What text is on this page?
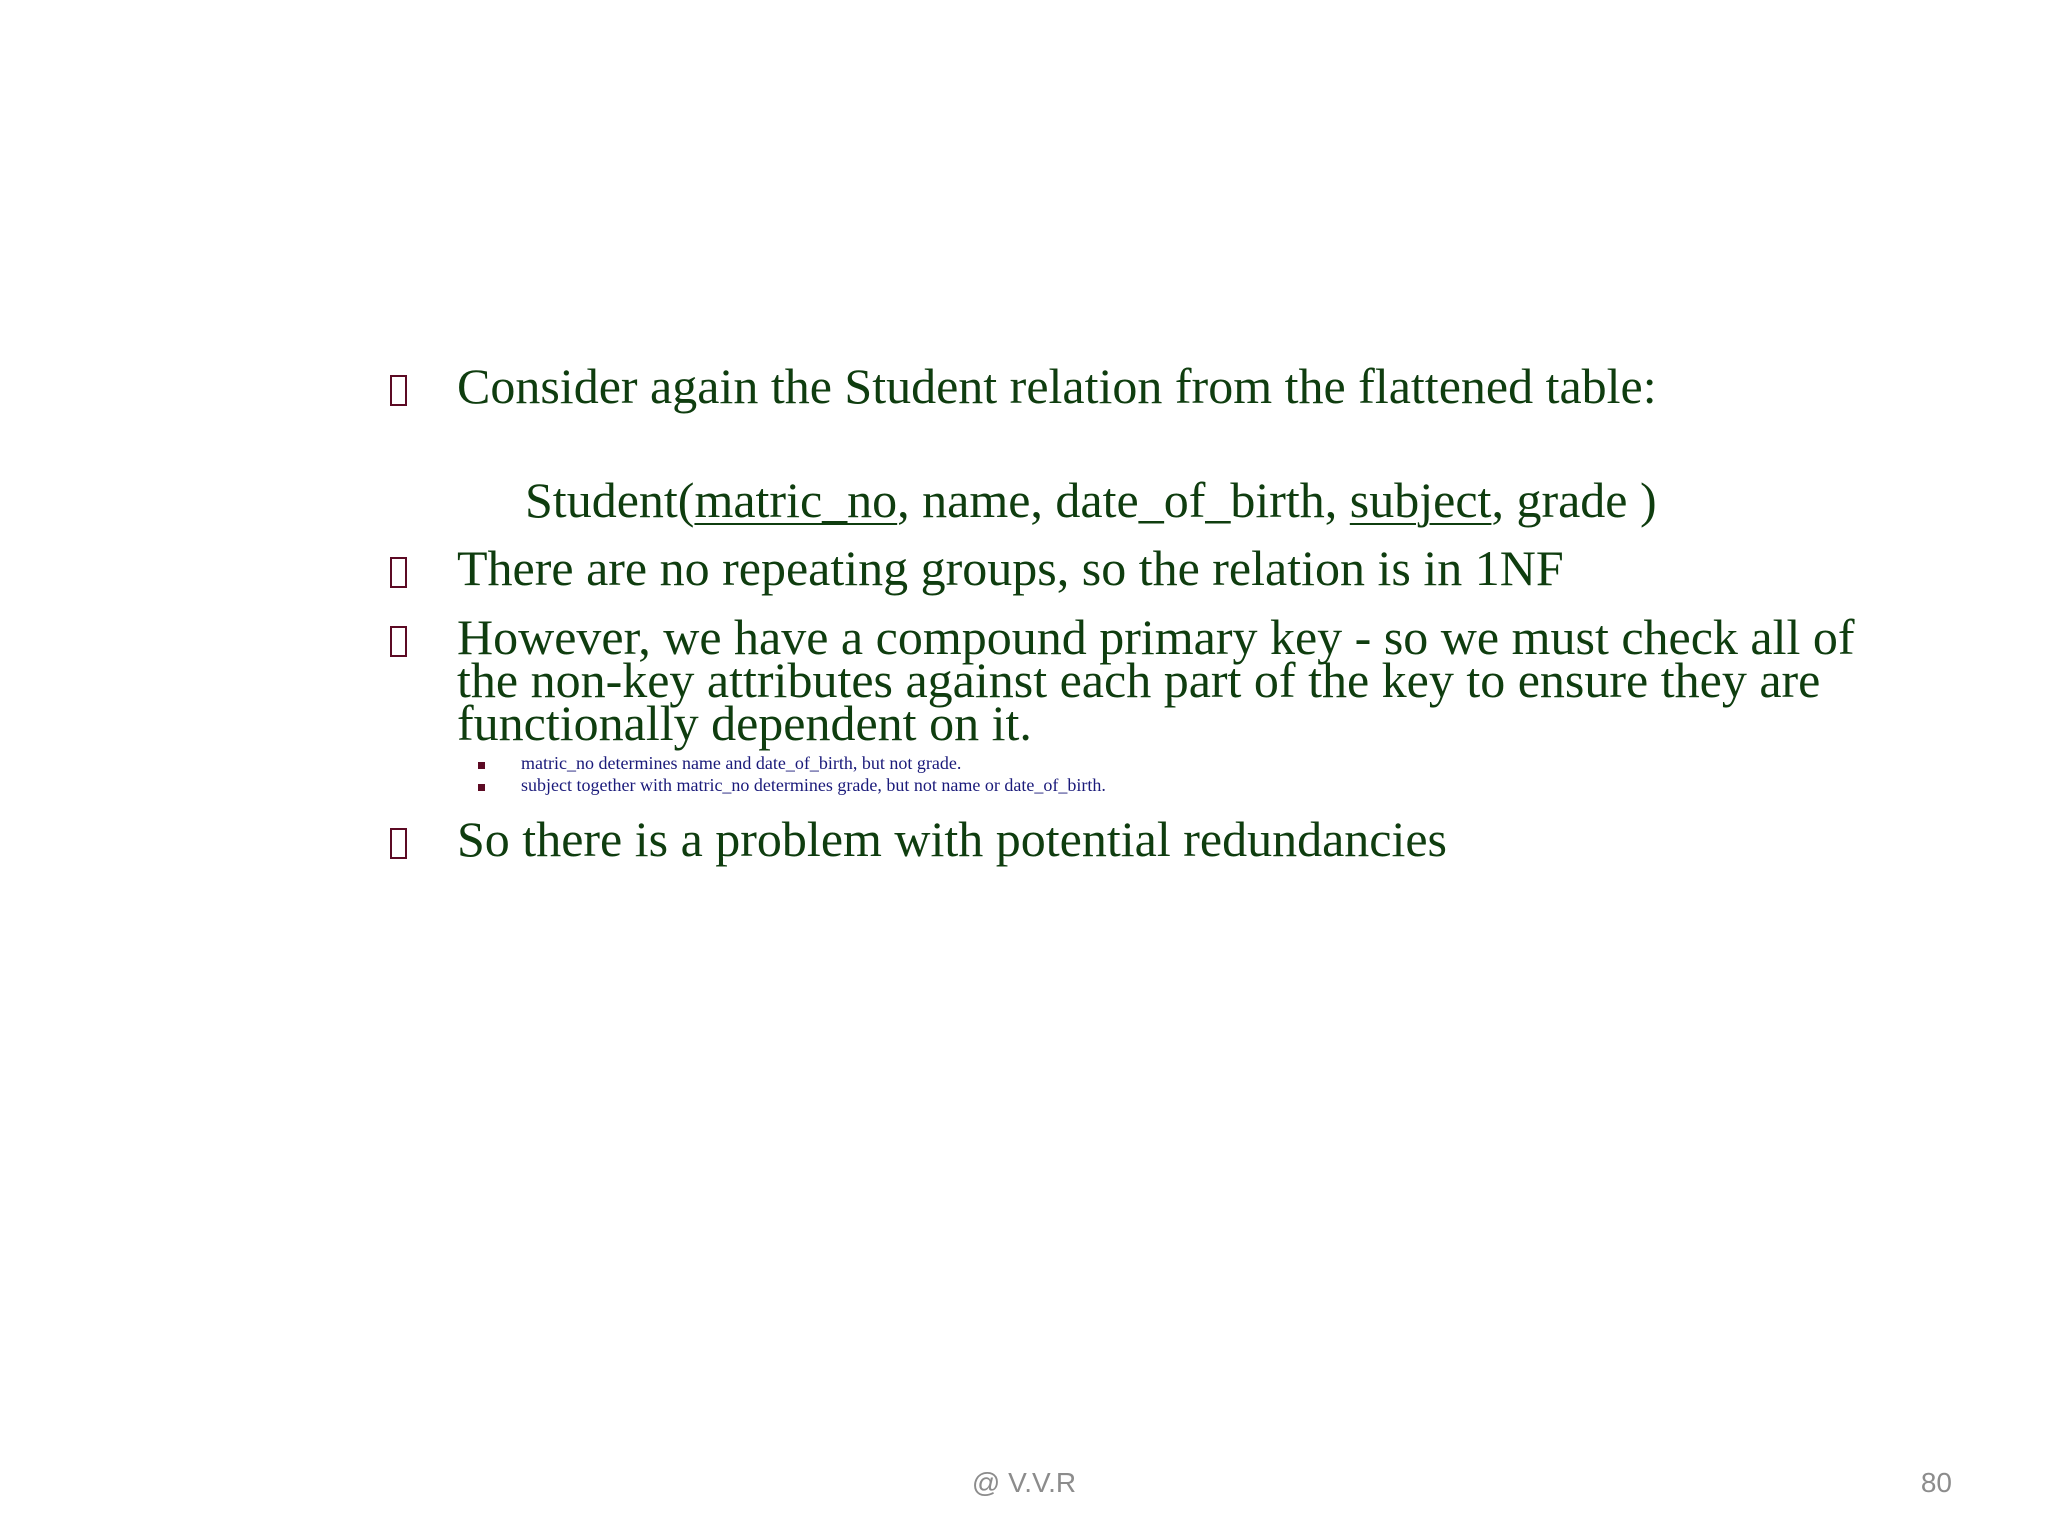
Consider again the Student relation from the flattened table:
Student(matric_no, name, date_of_birth, subject, grade )
There are no repeating groups, so the relation is in 1NF
However, we have a compound primary key - so we must check all of the non-key attributes against each part of the key to ensure they are functionally dependent on it.
matric_no determines name and date_of_birth, but not grade.
subject together with matric_no determines grade, but not name or date_of_birth.
So there is a problem with potential redundancies
@ V.V.R	80
